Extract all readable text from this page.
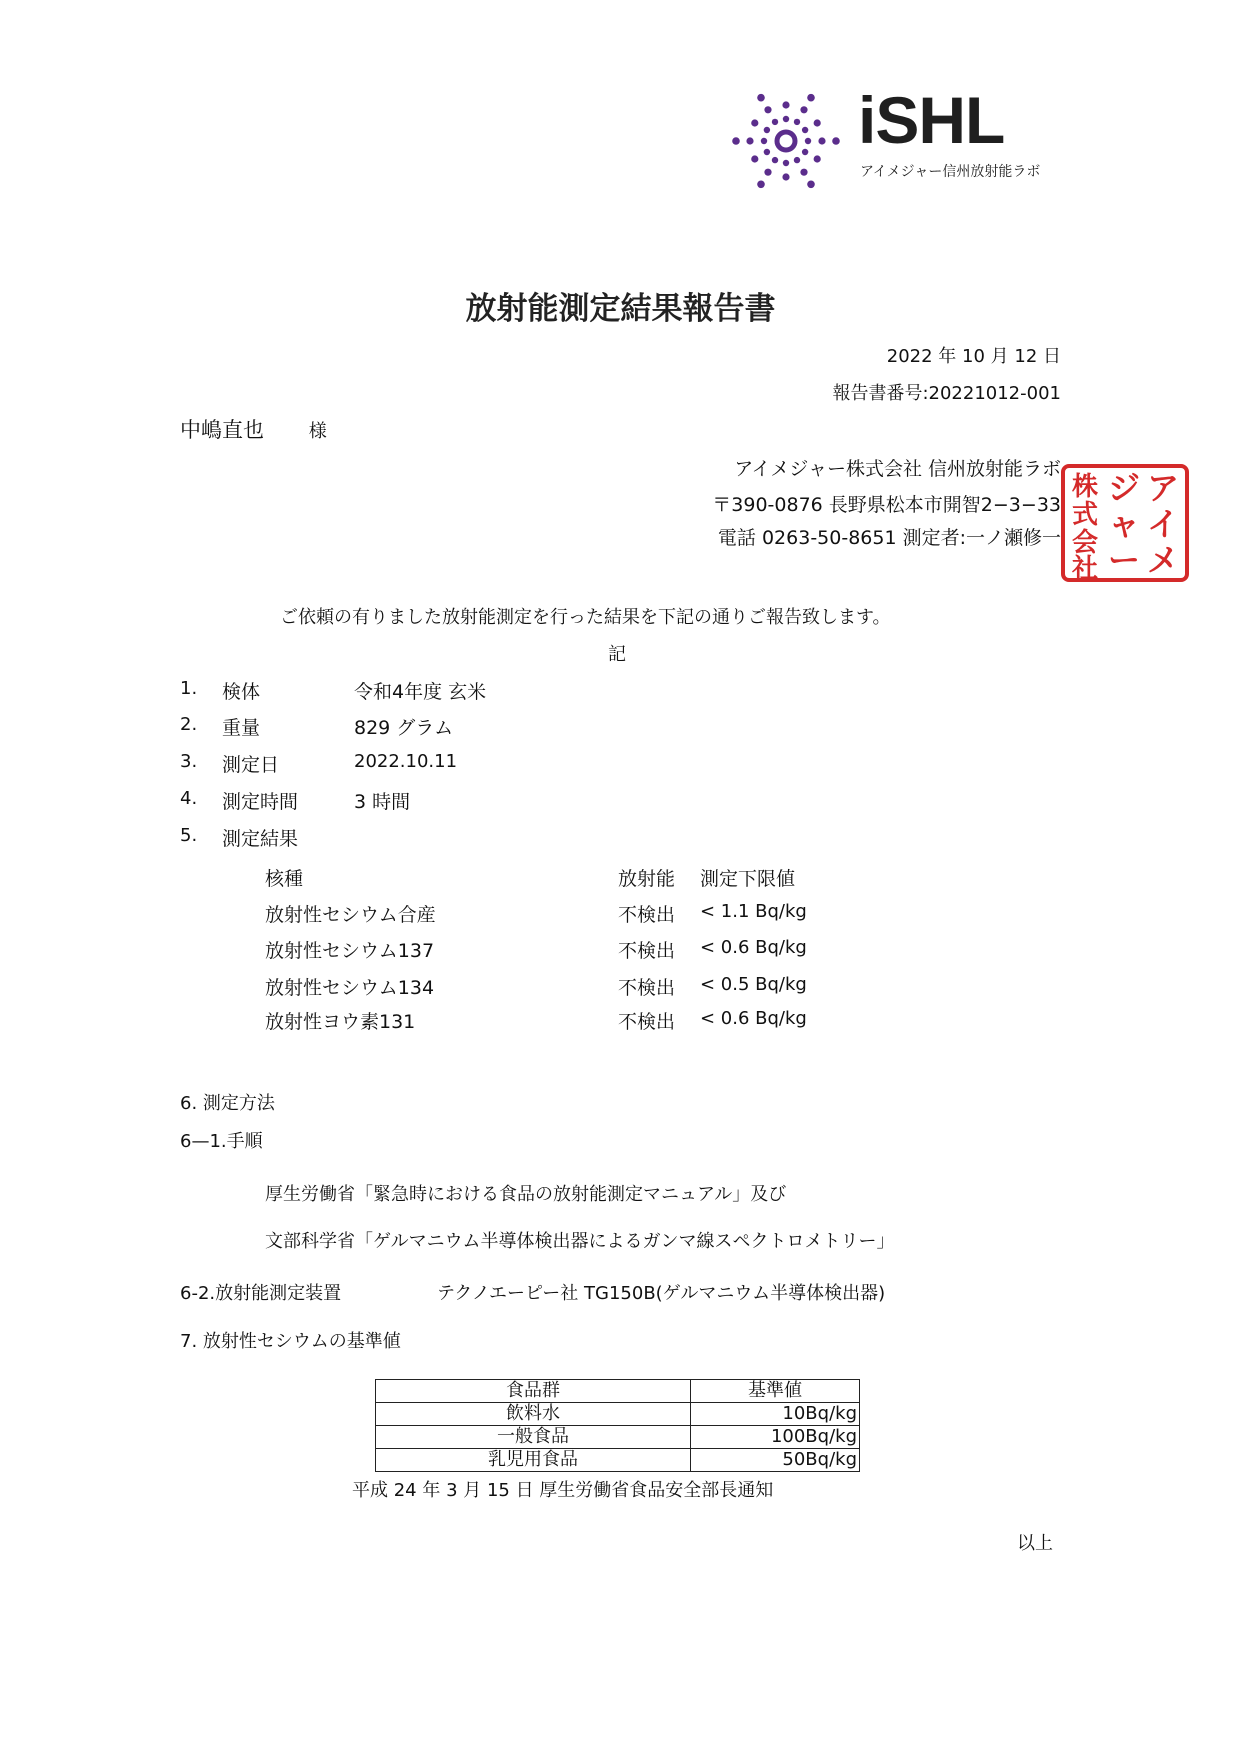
iSHL
アイメジャー信州放射能ラボ
放射能測定結果報告書
2022 年 10 月 12 日
報告書番号:20221012-001
中嶋直也 様
アイメジャー株式会社 信州放射能ラボ
〒390-0876 長野県松本市開智2−3−33
電話 0263-50-8651 測定者:一ノ瀬修一
ア
イ
メ
ジ
ャ
ー
株
式
会
社
ご依頼の有りました放射能測定を行った結果を下記の通りご報告致します。
記
1. 検体	令和4年度 玄米
2. 重量	829 グラム
3. 測定日	2022.10.11
4. 測定時間	3 時間
5. 測定結果
核種	放射能 測定下限値
放射性セシウム合産	不検出 < 1.1 Bq/kg
放射性セシウム137	不検出 < 0.6 Bq/kg
放射性セシウム134	不検出 < 0.5 Bq/kg
放射性ヨウ素131	不検出 < 0.6 Bq/kg
6. 測定方法
6—1.手順
厚生労働省「緊急時における食品の放射能測定マニュアル」及び
文部科学省「ゲルマニウム半導体検出器によるガンマ線スペクトロメトリー」
6-2.放射能測定装置	テクノエーピー社 TG150B(ゲルマニウム半導体検出器)
7. 放射性セシウムの基準値
食品群	基準値
飲料水	10Bq/kg
一般食品	100Bq/kg
乳児用食品	50Bq/kg
平成 24 年 3 月 15 日 厚生労働省食品安全部長通知
以上
